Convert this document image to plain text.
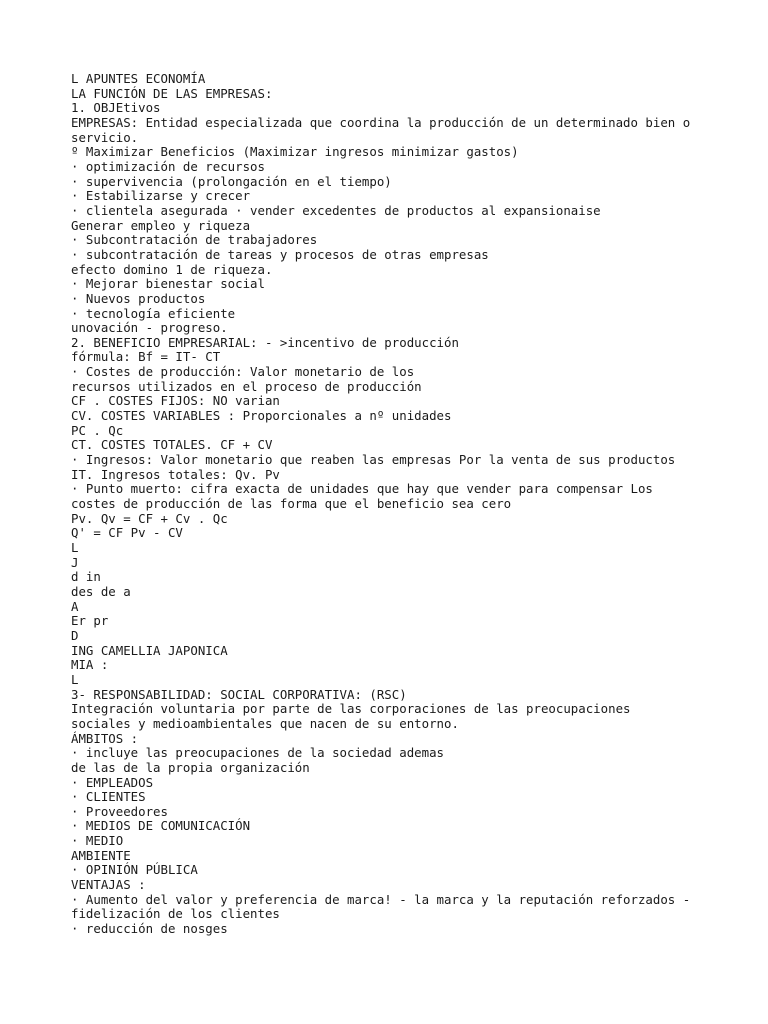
L APUNTES ECONOMÍA
LA FUNCIÓN DE LAS EMPRESAS:
1. OBJEtivos
EMPRESAS: Entidad especializada que coordina la producción de un determinado bien o
servicio.
º Maximizar Beneficios (Maximizar ingresos minimizar gastos)
· optimización de recursos
· supervivencia (prolongación en el tiempo)
· Estabilizarse y crecer
· clientela asegurada · vender excedentes de productos al expansionaise
Generar empleo y riqueza
· Subcontratación de trabajadores
· subcontratación de tareas y procesos de otras empresas
efecto domino 1 de riqueza.
· Mejorar bienestar social
· Nuevos productos
· tecnología eficiente
unovación - progreso.
2. BENEFICIO EMPRESARIAL: - >incentivo de producción
fórmula: Bf = IT- CT
· Costes de producción: Valor monetario de los
recursos utilizados en el proceso de producción
CF . COSTES FIJOS: NO varian
CV. COSTES VARIABLES : Proporcionales a nº unidades
PC . Qc
CT. COSTES TOTALES. CF + CV
· Ingresos: Valor monetario que reaben las empresas Por la venta de sus productos
IT. Ingresos totales: Qv. Pv
· Punto muerto: cifra exacta de unidades que hay que vender para compensar Los
costes de producción de las forma que el beneficio sea cero
Pv. Qv = CF + Cv . Qc
Q' = CF Pv - CV
L
J
d in
des de a
A
Er pr
D
ING CAMELLIA JAPONICA
MIA :
L
3- RESPONSABILIDAD: SOCIAL CORPORATIVA: (RSC)
Integración voluntaria por parte de las corporaciones de las preocupaciones
sociales y medioambientales que nacen de su entorno.
ÁMBITOS :
· incluye las preocupaciones de la sociedad ademas
de las de la propia organización
· EMPLEADOS
· CLIENTES
· Proveedores
· MEDIOS DE COMUNICACIÓN
· MEDIO
AMBIENTE
· OPINIÓN PÚBLICA
VENTAJAS :
· Aumento del valor y preferencia de marca! - la marca y la reputación reforzados -
fidelización de los clientes
· reducción de nosges
